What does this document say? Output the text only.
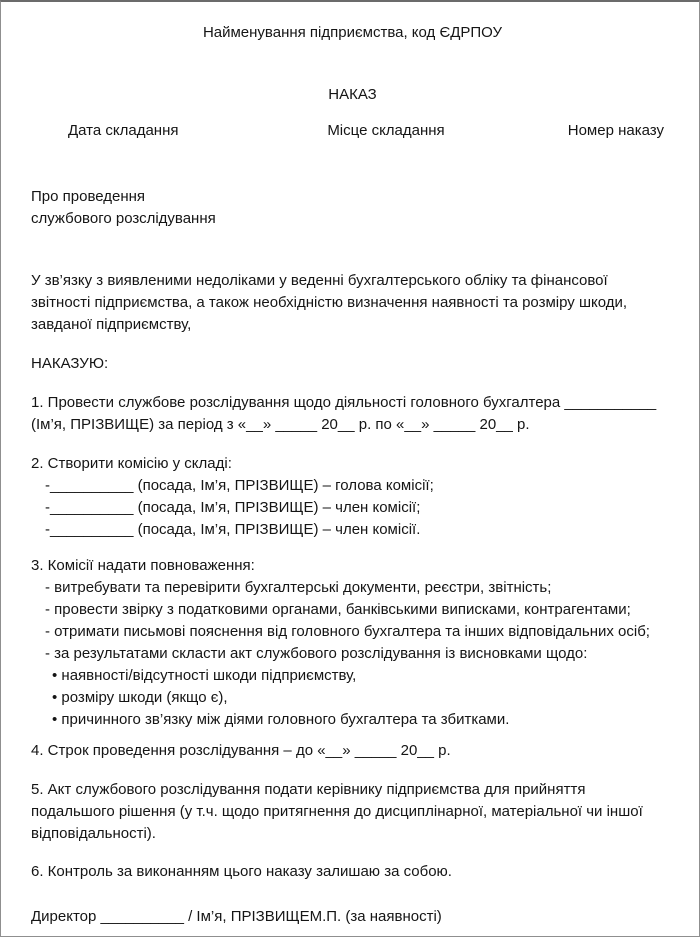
Найменування підприємства, код ЄДРПОУ
НАКАЗ
Дата складання	Місце складання	Номер наказу
Про проведення
службового розслідування
У зв’язку з виявленими недоліками у веденні бухгалтерського обліку та фінансової
звітності підприємства, а також необхідністю визначення наявності та розміру шкоди,
завданої підприємству,
НАКАЗУЮ:
1. Провести службове розслідування щодо діяльності головного бухгалтера ___________
(Ім’я, ПРІЗВИЩЕ) за період з «__» _____ 20__ р. по «__» _____ 20__ р.
2. Створити комісію у складі:
-__________ (посада, Ім’я, ПРІЗВИЩЕ) – голова комісії;
-__________ (посада, Ім’я, ПРІЗВИЩЕ) – член комісії;
-__________ (посада, Ім’я, ПРІЗВИЩЕ) – член комісії.
3. Комісії надати повноваження:
- витребувати та перевірити бухгалтерські документи, реєстри, звітність;
- провести звірку з податковими органами, банківськими виписками, контрагентами;
- отримати письмові пояснення від головного бухгалтера та інших відповідальних осіб;
- за результатами скласти акт службового розслідування із висновками щодо:
• наявності/відсутності шкоди підприємству,
• розміру шкоди (якщо є),
• причинного зв’язку між діями головного бухгалтера та збитками.
4. Строк проведення розслідування – до «__» _____ 20__ р.
5. Акт службового розслідування подати керівнику підприємства для прийняття
подальшого рішення (у т.ч. щодо притягнення до дисциплінарної, матеріальної чи іншої
відповідальності).
6. Контроль за виконанням цього наказу залишаю за собою.
Директор __________ / Ім’я, ПРІЗВИЩЕМ.П. (за наявності)
